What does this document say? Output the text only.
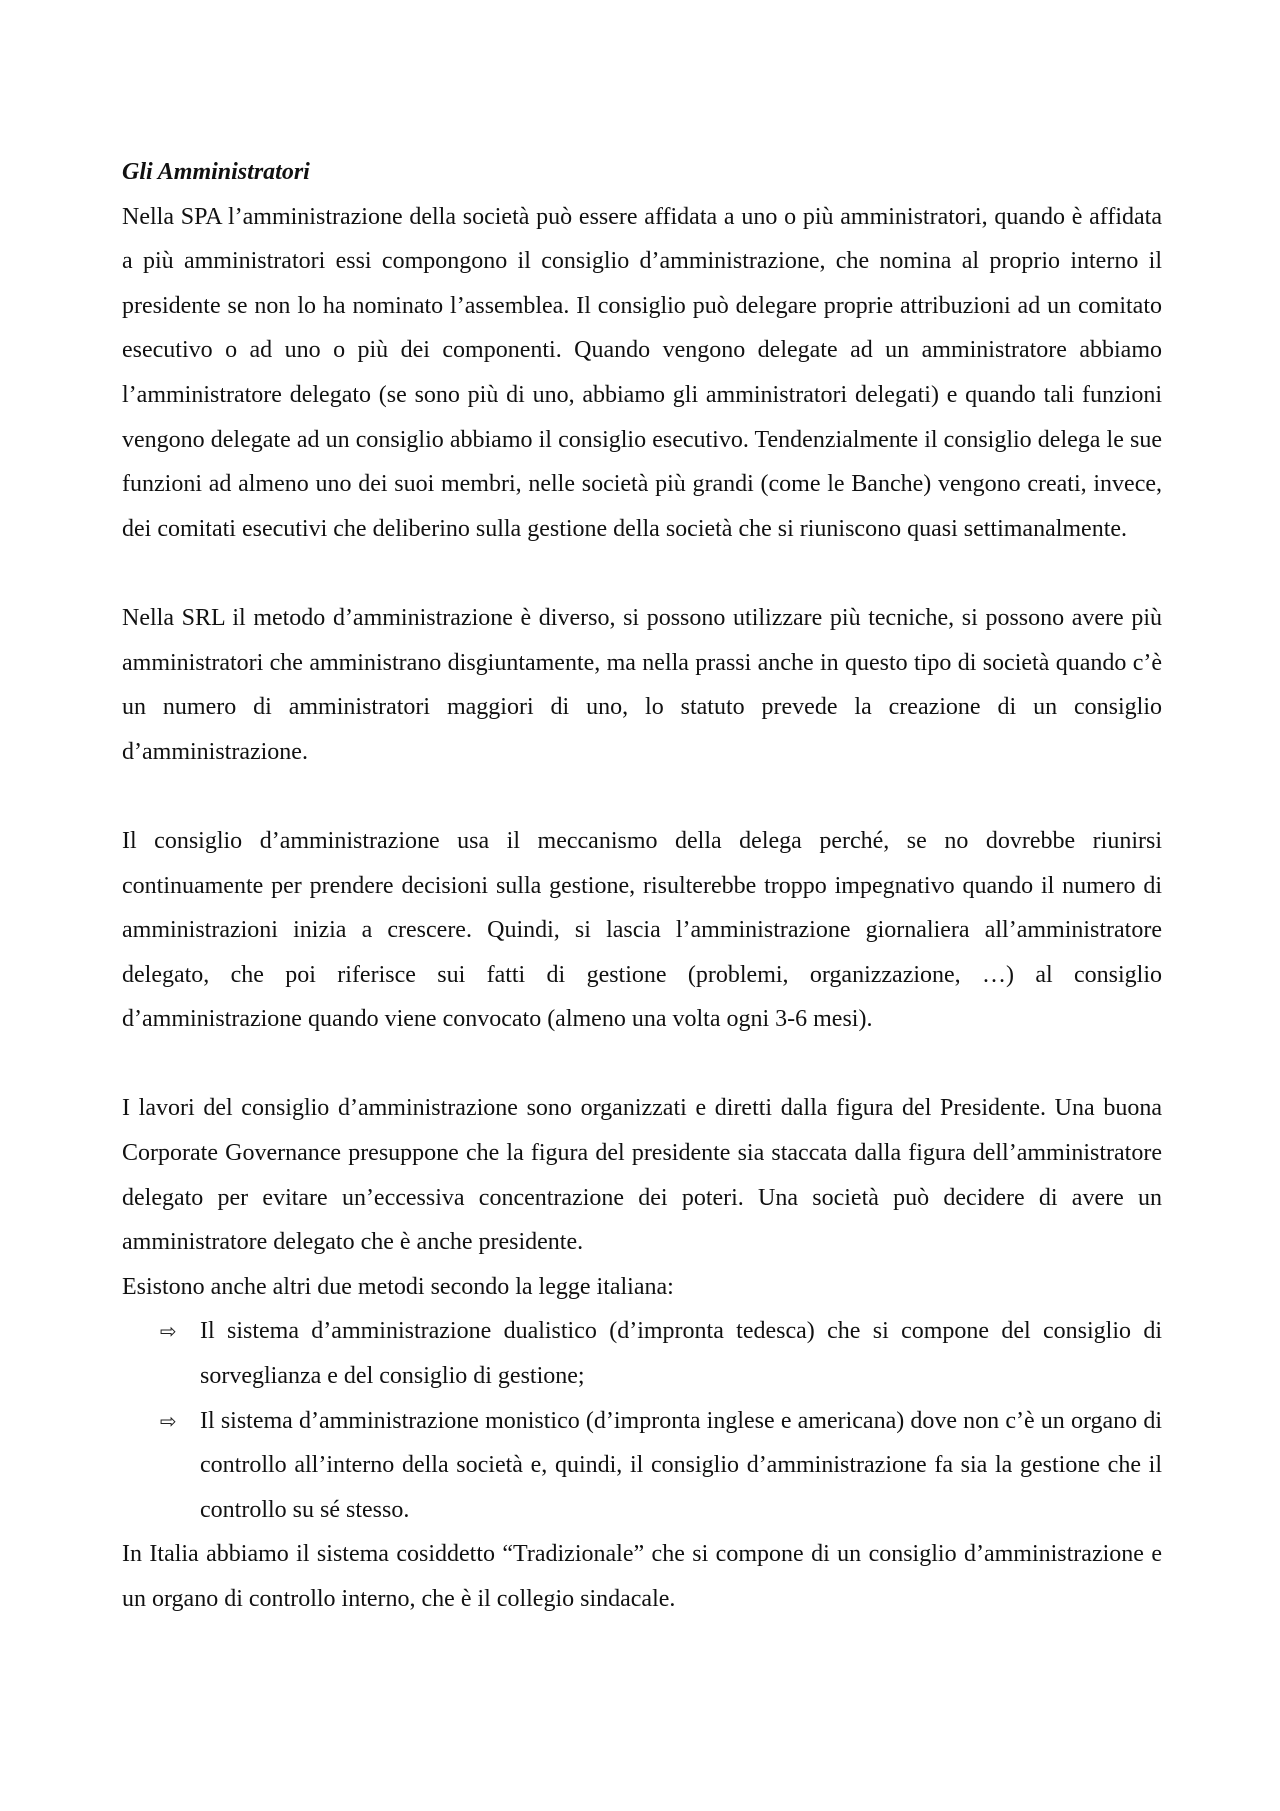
Gli Amministratori

Nella SPA l’amministrazione della società può essere affidata a uno o più amministratori, quando è affidata a più amministratori essi compongono il consiglio d’amministrazione, che nomina al proprio interno il presidente se non lo ha nominato l’assemblea. Il consiglio può delegare proprie attribuzioni ad un comitato esecutivo o ad uno o più dei componenti. Quando vengono delegate ad un amministratore abbiamo l’amministratore delegato (se sono più di uno, abbiamo gli amministratori delegati) e quando tali funzioni vengono delegate ad un consiglio abbiamo il consiglio esecutivo. Tendenzialmente il consiglio delega le sue funzioni ad almeno uno dei suoi membri, nelle società più grandi (come le Banche) vengono creati, invece, dei comitati esecutivi che deliberino sulla gestione della società che si riuniscono quasi settimanalmente.

Nella SRL il metodo d’amministrazione è diverso, si possono utilizzare più tecniche, si possono avere più amministratori che amministrano disgiuntamente, ma nella prassi anche in questo tipo di società quando c’è un numero di amministratori maggiori di uno, lo statuto prevede la creazione di un consiglio d’amministrazione.

Il consiglio d’amministrazione usa il meccanismo della delega perché, se no dovrebbe riunirsi continuamente per prendere decisioni sulla gestione, risulterebbe troppo impegnativo quando il numero di amministrazioni inizia a crescere. Quindi, si lascia l’amministrazione giornaliera all’amministratore delegato, che poi riferisce sui fatti di gestione (problemi, organizzazione, …) al consiglio d’amministrazione quando viene convocato (almeno una volta ogni 3-6 mesi).

I lavori del consiglio d’amministrazione sono organizzati e diretti dalla figura del Presidente. Una buona Corporate Governance presuppone che la figura del presidente sia staccata dalla figura dell’amministratore delegato per evitare un’eccessiva concentrazione dei poteri. Una società può decidere di avere un amministratore delegato che è anche presidente.

Esistono anche altri due metodi secondo la legge italiana:

⇨ Il sistema d’amministrazione dualistico (d’impronta tedesca) che si compone del consiglio di sorveglianza e del consiglio di gestione;
⇨ Il sistema d’amministrazione monistico (d’impronta inglese e americana) dove non c’è un organo di controllo all’interno della società e, quindi, il consiglio d’amministrazione fa sia la gestione che il controllo su sé stesso.

In Italia abbiamo il sistema cosiddetto “Tradizionale” che si compone di un consiglio d’amministrazione e un organo di controllo interno, che è il collegio sindacale.
